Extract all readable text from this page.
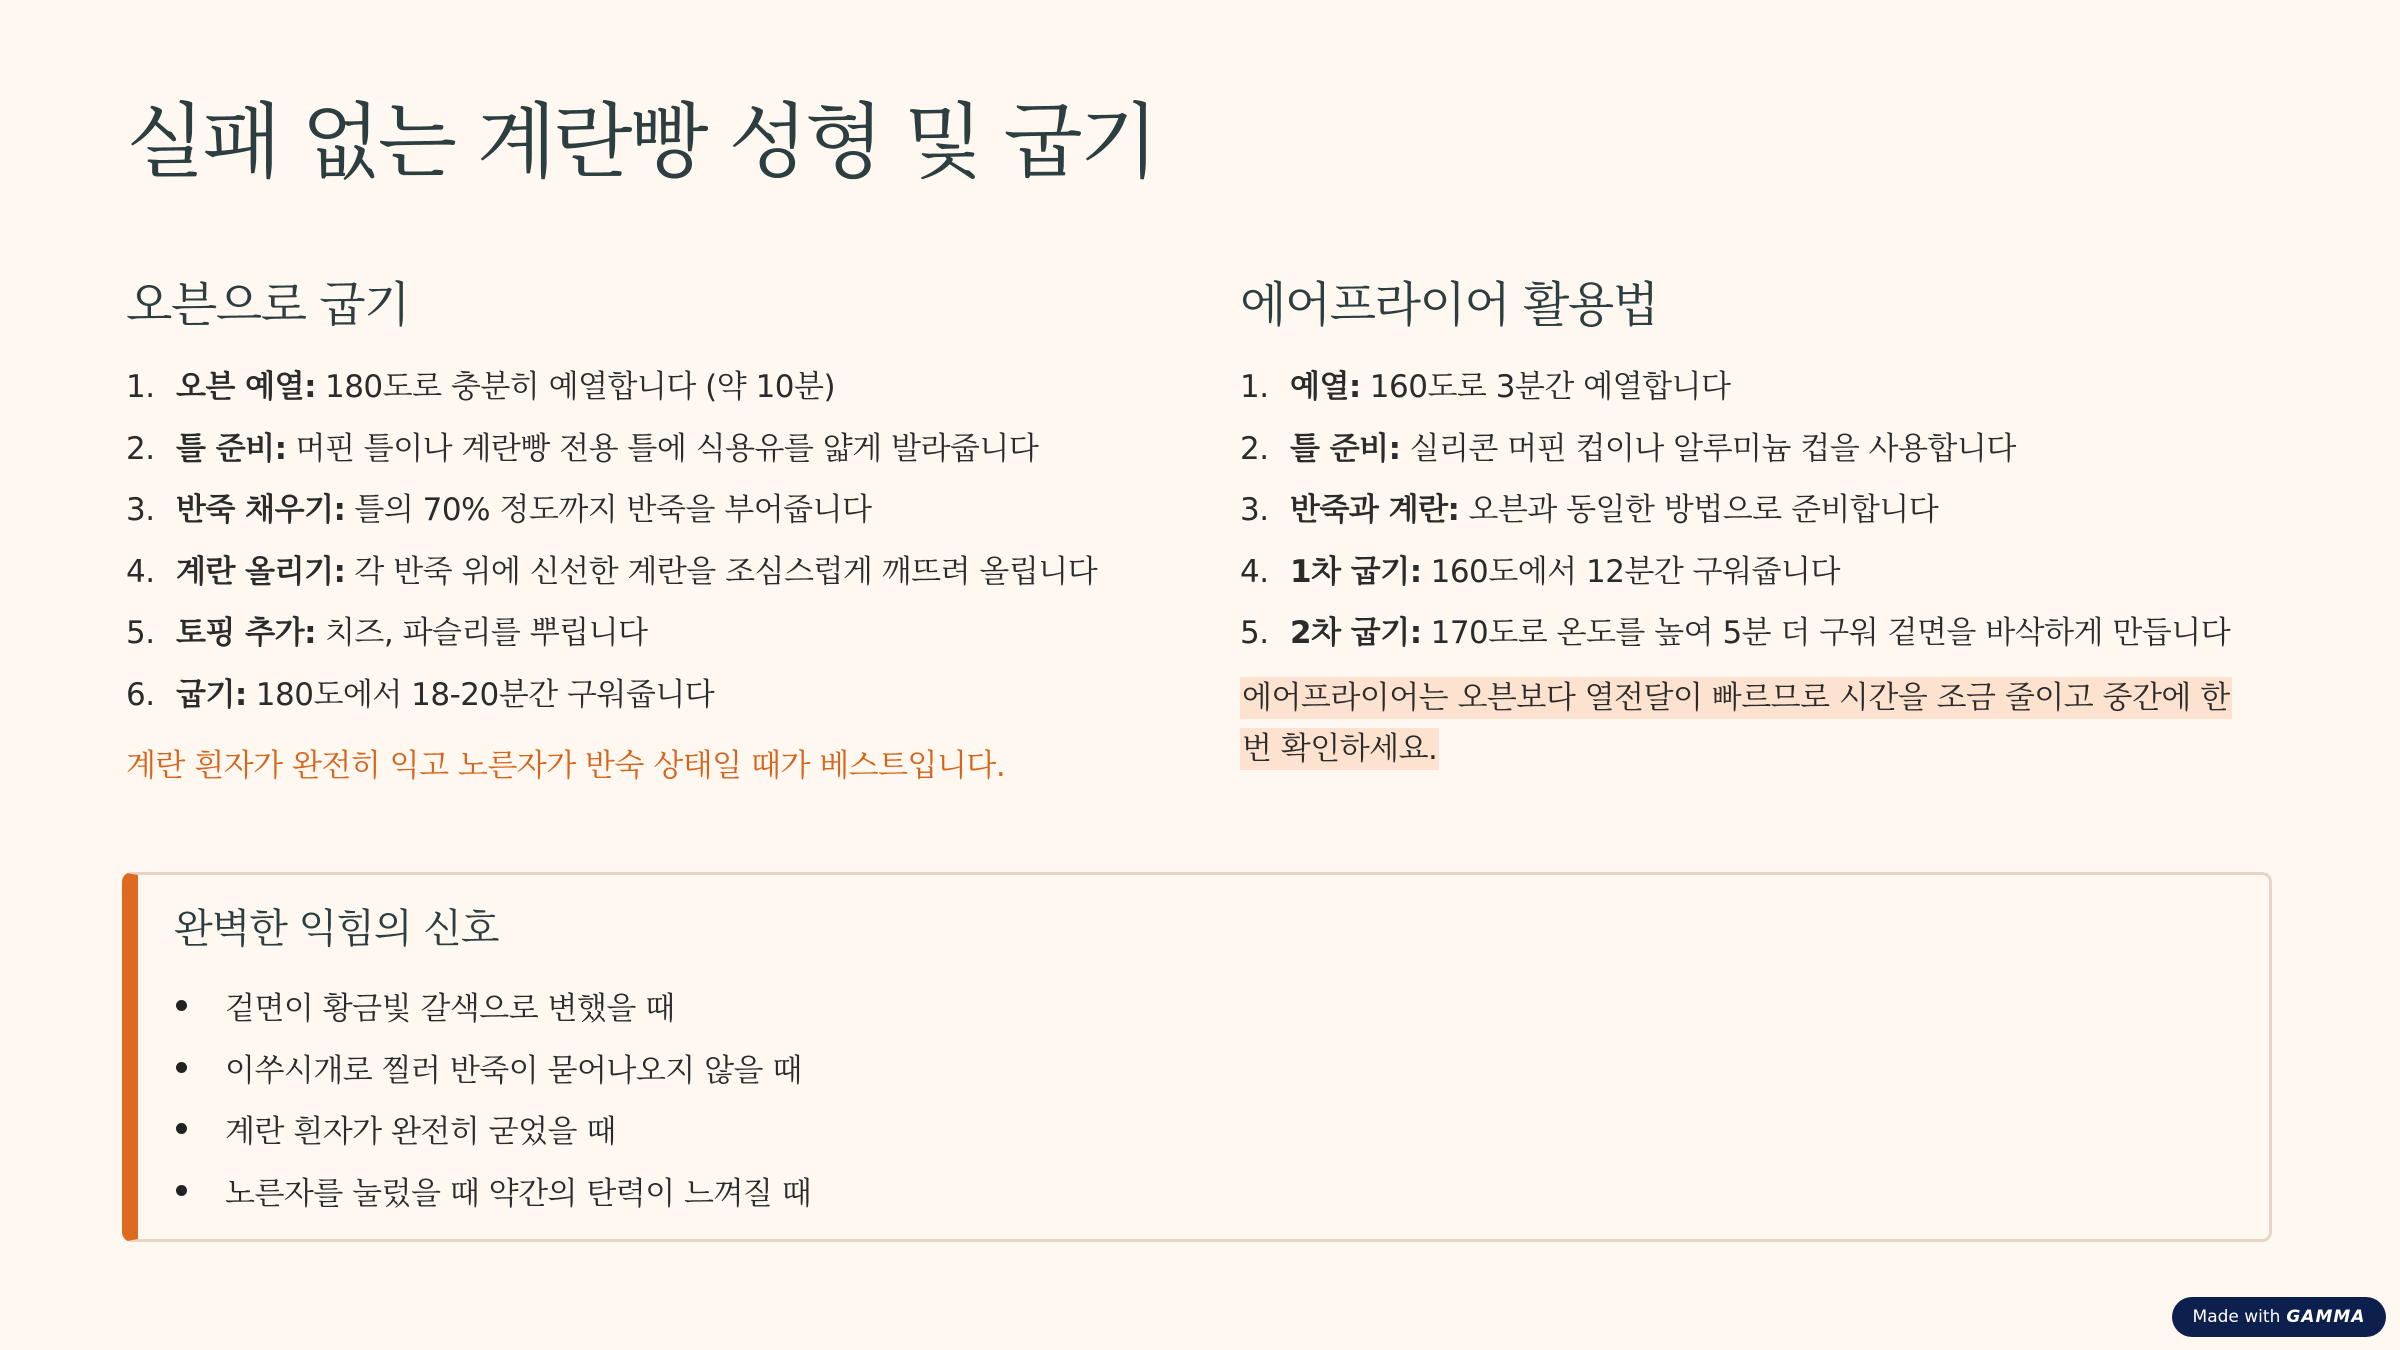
실패 없는 계란빵 성형 및 굽기
오븐으로 굽기
1. 오븐 예열: 180도로 충분히 예열합니다 (약 10분)
2. 틀 준비: 머핀 틀이나 계란빵 전용 틀에 식용유를 얇게 발라줍니다
3. 반죽 채우기: 틀의 70% 정도까지 반죽을 부어줍니다
4. 계란 올리기: 각 반죽 위에 신선한 계란을 조심스럽게 깨뜨려 올립니다
5. 토핑 추가: 치즈, 파슬리를 뿌립니다
6. 굽기: 180도에서 18-20분간 구워줍니다
계란 흰자가 완전히 익고 노른자가 반숙 상태일 때가 베스트입니다.
에어프라이어 활용법
1. 예열: 160도로 3분간 예열합니다
2. 틀 준비: 실리콘 머핀 컵이나 알루미늄 컵을 사용합니다
3. 반죽과 계란: 오븐과 동일한 방법으로 준비합니다
4. 1차 굽기: 160도에서 12분간 구워줍니다
5. 2차 굽기: 170도로 온도를 높여 5분 더 구워 겉면을 바삭하게 만듭니다
에어프라이어는 오븐보다 열전달이 빠르므로 시간을 조금 줄이고 중간에 한 번 확인하세요.
완벽한 익힘의 신호
겉면이 황금빛 갈색으로 변했을 때
이쑤시개로 찔러 반죽이 묻어나오지 않을 때
계란 흰자가 완전히 굳었을 때
노른자를 눌렀을 때 약간의 탄력이 느껴질 때
Made with GAMMA
